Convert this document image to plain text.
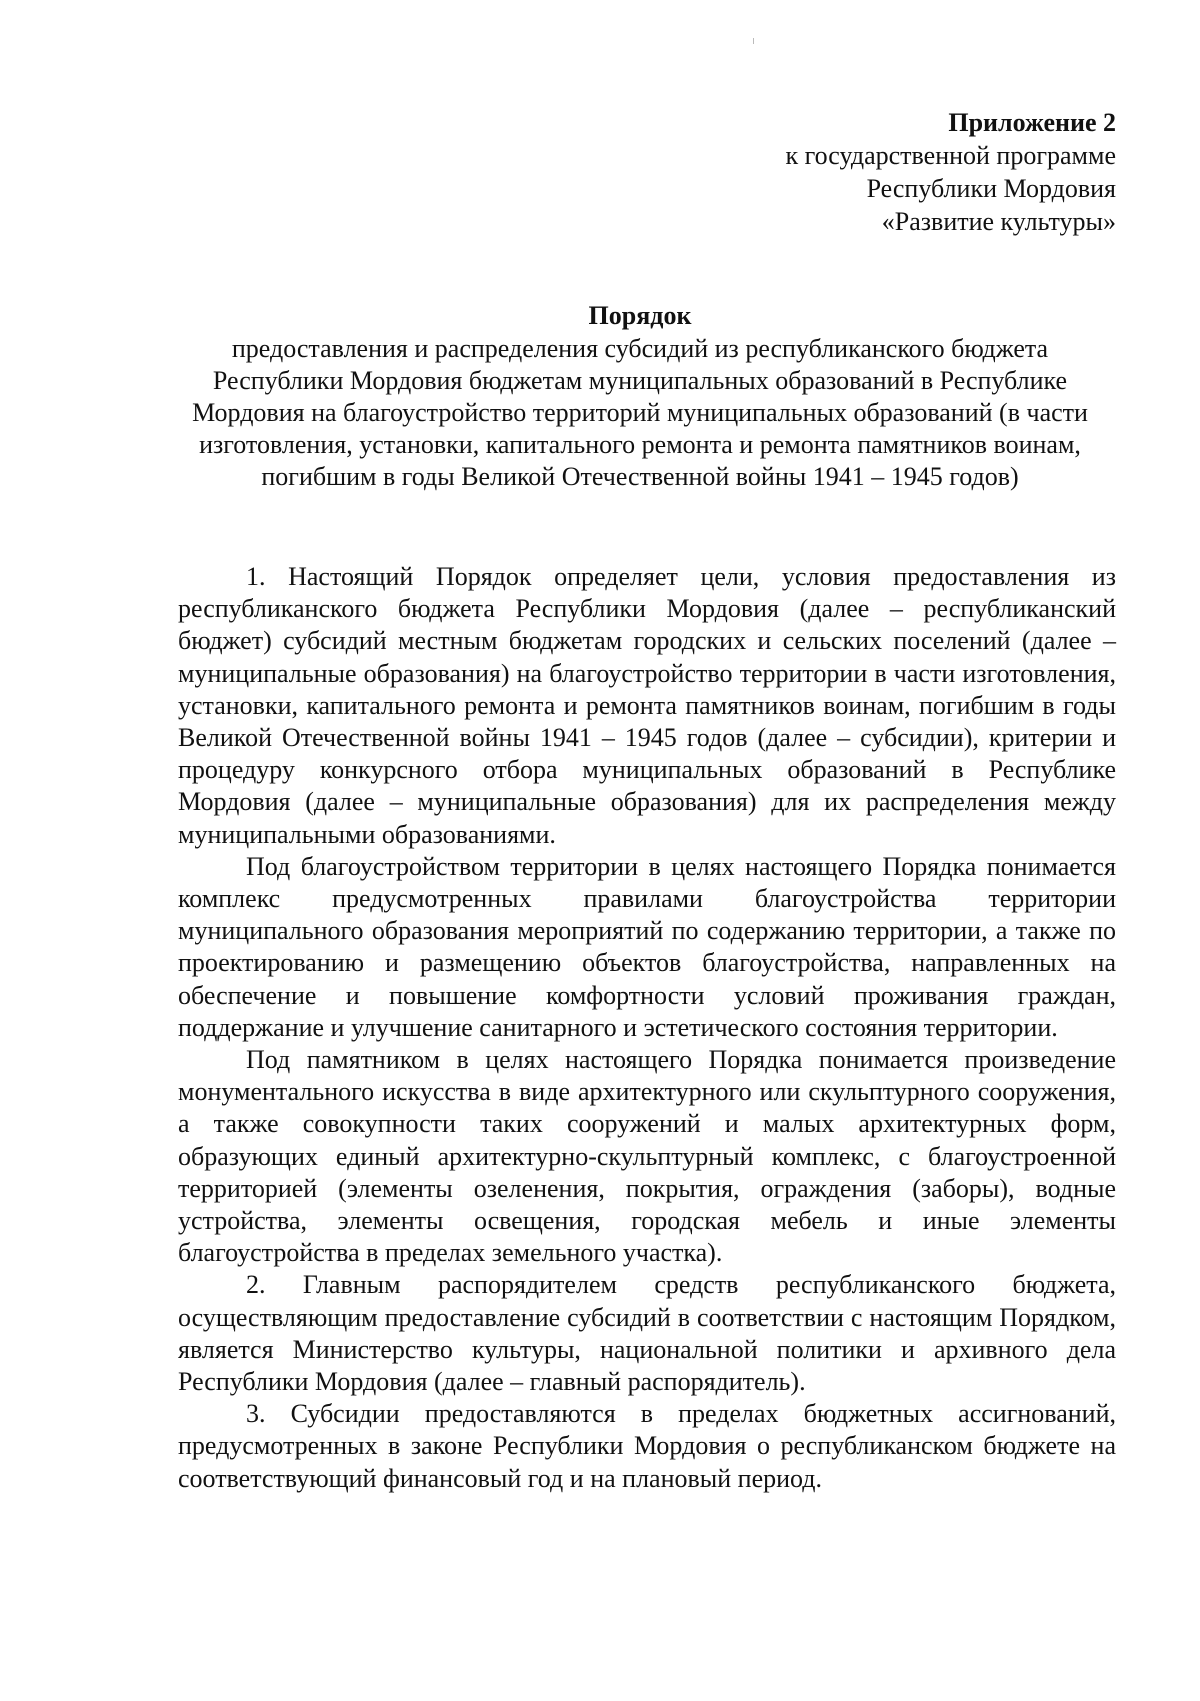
Приложение 2
к государственной программе
Республики Мордовия
«Развитие культуры»
Порядок
предоставления и распределения субсидий из республиканского бюджета Республики Мордовия бюджетам муниципальных образований в Республике Мордовия на благоустройство территорий муниципальных образований (в части изготовления, установки, капитального ремонта и ремонта памятников воинам, погибшим в годы Великой Отечественной войны 1941 – 1945 годов)

1. Настоящий Порядок определяет цели, условия предоставления из республиканского бюджета Республики Мордовия (далее – республиканский бюджет) субсидий местным бюджетам городских и сельских поселений (далее – муниципальные образования) на благоустройство территории в части изготовления, установки, капитального ремонта и ремонта памятников воинам, погибшим в годы Великой Отечественной войны 1941 – 1945 годов (далее – субсидии), критерии и процедуру конкурсного отбора муниципальных образований в Республике Мордовия (далее – муниципальные образования) для их распределения между муниципальными образованиями.

Под благоустройством территории в целях настоящего Порядка понимается комплекс предусмотренных правилами благоустройства территории муниципального образования мероприятий по содержанию территории, а также по проектированию и размещению объектов благоустройства, направленных на обеспечение и повышение комфортности условий проживания граждан, поддержание и улучшение санитарного и эстетического состояния территории.

Под памятником в целях настоящего Порядка понимается произведение монументального искусства в виде архитектурного или скульптурного сооружения, а также совокупности таких сооружений и малых архитектурных форм, образующих единый архитектурно-скульптурный комплекс, с благоустроенной территорией (элементы озеленения, покрытия, ограждения (заборы), водные устройства, элементы освещения, городская мебель и иные элементы благоустройства в пределах земельного участка).

2. Главным распорядителем средств республиканского бюджета, осуществляющим предоставление субсидий в соответствии с настоящим Порядком, является Министерство культуры, национальной политики и архивного дела Республики Мордовия (далее – главный распорядитель).

3. Субсидии предоставляются в пределах бюджетных ассигнований, предусмотренных в законе Республики Мордовия о республиканском бюджете на соответствующий финансовый год и на плановый период.
